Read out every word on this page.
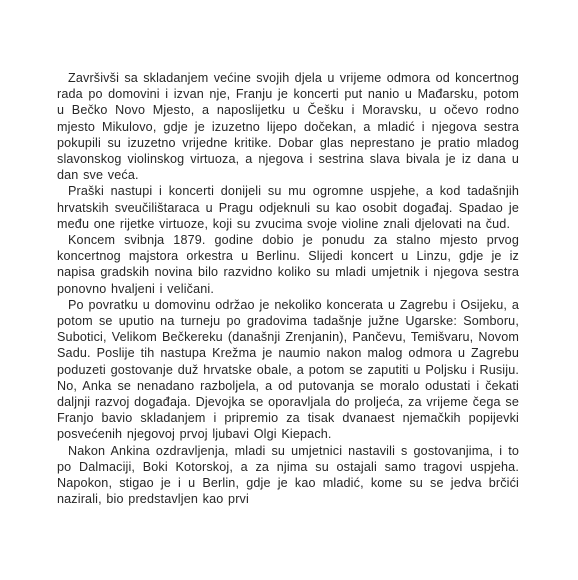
Završivši sa skladanjem većine svojih djela u vrijeme odmora od koncertnog rada po domovini i izvan nje, Franju je koncerti put nanio u Mađarsku, potom u Bečko Novo Mjesto, a naposlijetku u Češku i Moravsku, u očevo rodno mjesto Mikulovo, gdje je izuzetno lijepo dočekan, a mladić i njegova sestra pokupili su izuzetno vrijedne kritike. Dobar glas neprestano je pratio mladog slavonskog violinskog virtuoza, a njegova i sestrina slava bivala je iz dana u dan sve veća.

Praški nastupi i koncerti donijeli su mu ogromne uspjehe, a kod tadašnjih hrvatskih sveučilištaraca u Pragu odjeknuli su kao osobit događaj. Spadao je među one rijetke virtuoze, koji su zvucima svoje violine znali djelovati na čud.

Koncem svibnja 1879. godine dobio je ponudu za stalno mjesto prvog koncertnog majstora orkestra u Berlinu. Slijedi koncert u Linzu, gdje je iz napisa gradskih novina bilo razvidno koliko su mladi umjetnik i njegova sestra ponovno hvaljeni i veličani.

Po povratku u domovinu održao je nekoliko koncerata u Zagrebu i Osijeku, a potom se uputio na turneju po gradovima tadašnje južne Ugarske: Somboru, Subotici, Velikom Bečkereku (današnji Zrenjanin), Pančevu, Temišvaru, Novom Sadu. Poslije tih nastupa Krežma je naumio nakon malog odmora u Zagrebu poduzeti gostovanje duž hrvatske obale, a potom se zaputiti u Poljsku i Rusiju. No, Anka se nenadano razboljela, a od putovanja se moralo odustati i čekati daljnji razvoj događaja. Djevojka se oporavljala do proljeća, za vrijeme čega se Franjo bavio skladanjem i pripremio za tisak dvanaest njemačkih popijevki posvećenih njegovoj prvoj ljubavi Olgi Kiepach.

Nakon Ankina ozdravljenja, mladi su umjetnici nastavili s gostovanjima, i to po Dalmaciji, Boki Kotorskoj, a za njima su ostajali samo tragovi uspjeha. Napokon, stigao je i u Berlin, gdje je kao mladić, kome su se jedva brčići nazirali, bio predstavljen kao prvi
